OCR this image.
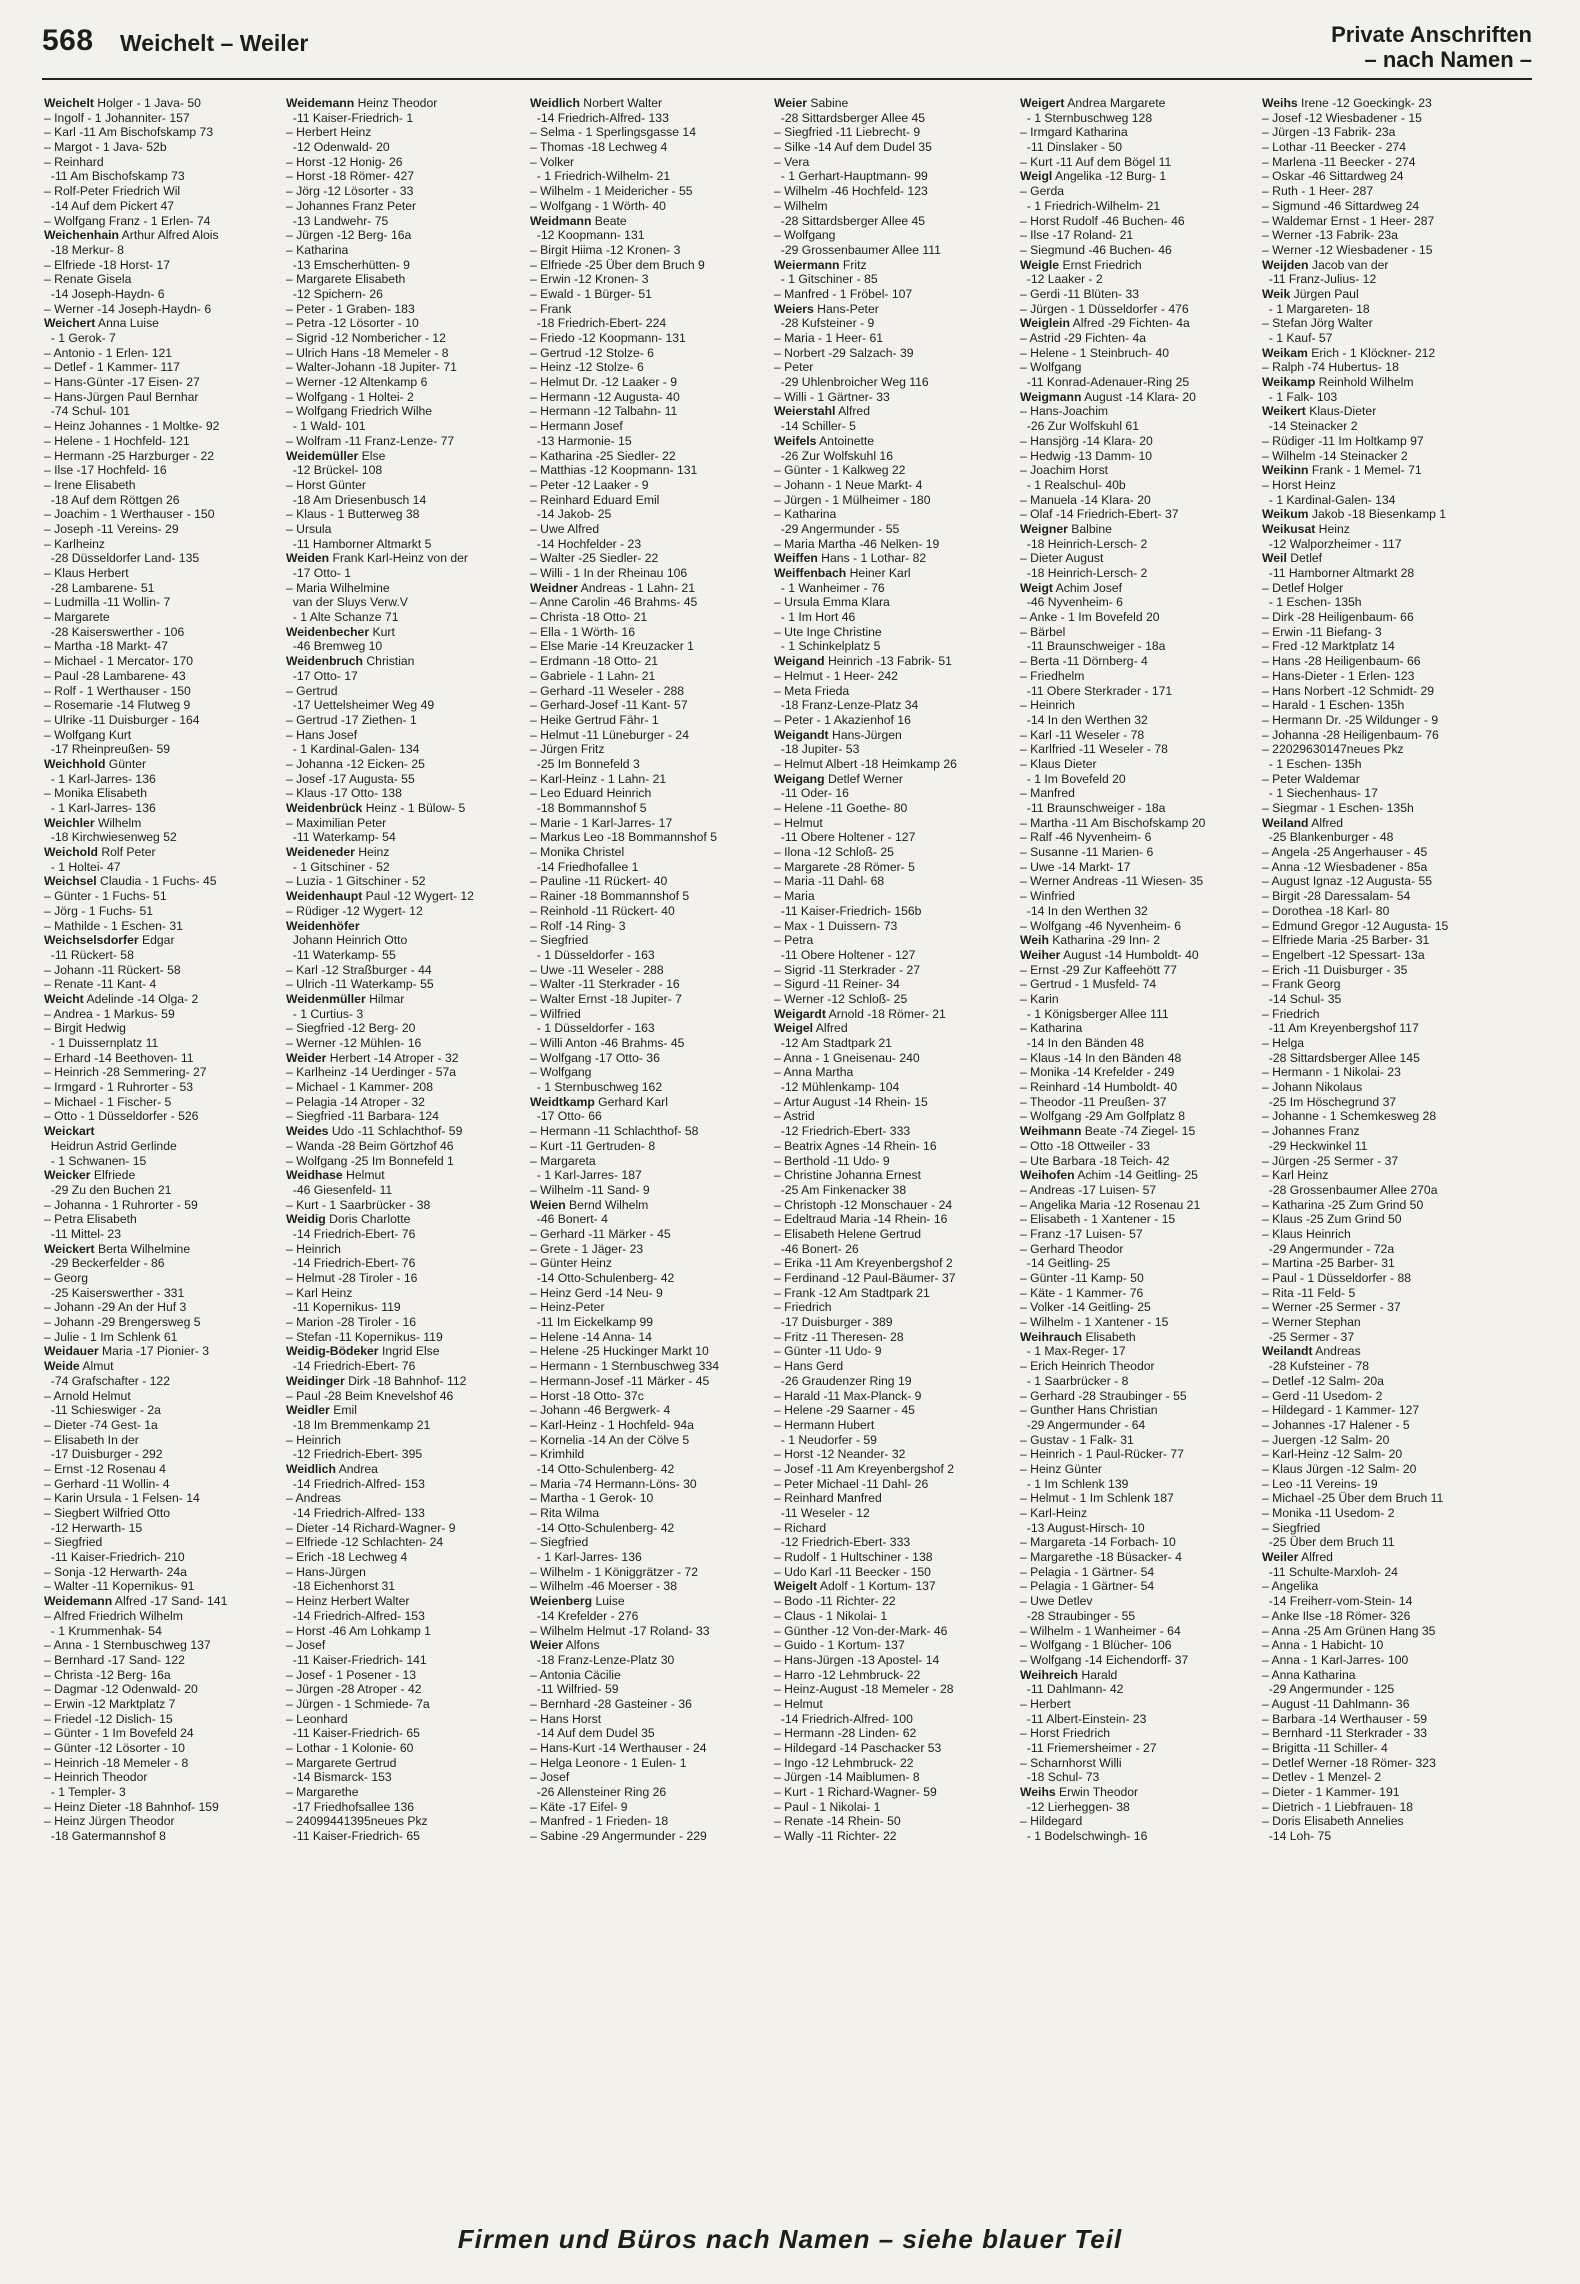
568 Weichelt – Weiler	Private Anschriften
– nach Namen –
Weichelt Holger - 1 Java- 50
– Ingolf - 1 Johanniter- 157
– Karl -11 Am Bischofskamp 73
– Margot - 1 Java- 52b
– Reinhard
-11 Am Bischofskamp 73
– Rolf-Peter Friedrich Wil
-14 Auf dem Pickert 47
– Wolfgang Franz - 1 Erlen- 74
Weichenhain Arthur Alfred Alois
-18 Merkur- 8
– Elfriede -18 Horst- 17
– Renate Gisela
-14 Joseph-Haydn- 6
– Werner -14 Joseph-Haydn- 6
Weichert Anna Luise
- 1 Gerok- 7
– Antonio - 1 Erlen- 121
– Detlef - 1 Kammer- 117
– Hans-Günter -17 Eisen- 27
– Hans-Jürgen Paul Bernhar
-74 Schul- 101
– Heinz Johannes - 1 Moltke- 92
– Helene - 1 Hochfeld- 121
– Hermann -25 Harzburger - 22
– Ilse -17 Hochfeld- 16
– Irene Elisabeth
-18 Auf dem Röttgen 26
– Joachim - 1 Werthauser - 150
– Joseph -11 Vereins- 29
– Karlheinz
-28 Düsseldorfer Land- 135
– Klaus Herbert
-28 Lambarene- 51
– Ludmilla -11 Wollin- 7
– Margarete
-28 Kaiserswerther - 106
– Martha -18 Markt- 47
– Michael - 1 Mercator- 170
– Paul -28 Lambarene- 43
– Rolf - 1 Werthauser - 150
– Rosemarie -14 Flutweg 9
– Ulrike -11 Duisburger - 164
– Wolfgang Kurt
-17 Rheinpreußen- 59
Weichhold Günter
- 1 Karl-Jarres- 136
– Monika Elisabeth
- 1 Karl-Jarres- 136
Weichler Wilhelm
-18 Kirchwiesenweg 52
Weichold Rolf Peter
- 1 Holtei- 47
Weichsel Claudia - 1 Fuchs- 45
– Günter - 1 Fuchs- 51
– Jörg - 1 Fuchs- 51
– Mathilde - 1 Eschen- 31
Weichselsdorfer Edgar
-11 Rückert- 58
– Johann -11 Rückert- 58
– Renate -11 Kant- 4
Weicht Adelinde -14 Olga- 2
– Andrea - 1 Markus- 59
– Birgit Hedwig
- 1 Duissernplatz 11
– Erhard -14 Beethoven- 11
– Heinrich -28 Semmering- 27
– Irmgard - 1 Ruhrorter - 53
– Michael - 1 Fischer- 5
– Otto - 1 Düsseldorfer - 526
Weickart
Heidrun Astrid Gerlinde
- 1 Schwanen- 15
Weicker Elfriede
-29 Zu den Buchen 21
– Johanna - 1 Ruhrorter - 59
– Petra Elisabeth
-11 Mittel- 23
Weickert Berta Wilhelmine
-29 Beckerfelder - 86
– Georg
-25 Kaiserswerther - 331
– Johann -29 An der Huf 3
– Johann -29 Brengersweg 5
– Julie - 1 Im Schlenk 61
Weidauer Maria -17 Pionier- 3
Weide Almut
-74 Grafschafter - 122
– Arnold Helmut
-11 Schieswiger - 2a
– Dieter -74 Gest- 1a
– Elisabeth In der
-17 Duisburger - 292
– Ernst -12 Rosenau 4
– Gerhard -11 Wollin- 4
– Karin Ursula - 1 Felsen- 14
– Siegbert Wilfried Otto
-12 Herwarth- 15
– Siegfried
-11 Kaiser-Friedrich- 210
– Sonja -12 Herwarth- 24a
– Walter -11 Kopernikus- 91
Weidemann Alfred -17 Sand- 141
– Alfred Friedrich Wilhelm
- 1 Krummenhak- 54
– Anna - 1 Sternbuschweg 137
– Bernhard -17 Sand- 122
– Christa -12 Berg- 16a
– Dagmar -12 Odenwald- 20
– Erwin -12 Marktplatz 7
– Friedel -12 Dislich- 15
– Günter - 1 Im Bovefeld 24
– Günter -12 Lösorter - 10
– Heinrich -18 Memeler - 8
– Heinrich Theodor
- 1 Templer- 3
– Heinz Dieter -18 Bahnhof- 159
– Heinz Jürgen Theodor
-18 Gatermannshof 8
Weidemann Heinz Theodor
-11 Kaiser-Friedrich- 1
– Herbert Heinz
-12 Odenwald- 20
– Horst -12 Honig- 26
– Horst -18 Römer- 427
– Jörg -12 Lösorter - 33
– Johannes Franz Peter
-13 Landwehr- 75
– Jürgen -12 Berg- 16a
– Katharina
-13 Emscherhütten- 9
– Margarete Elisabeth
-12 Spichern- 26
– Peter - 1 Graben- 183
– Petra -12 Lösorter - 10
– Sigrid -12 Nombericher - 12
– Ulrich Hans -18 Memeler - 8
– Walter-Johann -18 Jupiter- 71
– Werner -12 Altenkamp 6
– Wolfgang - 1 Holtei- 2
– Wolfgang Friedrich Wilhe
- 1 Wald- 101
– Wolfram -11 Franz-Lenze- 77
Weidemüller Else
-12 Brückel- 108
– Horst Günter
-18 Am Driesenbusch 14
– Klaus - 1 Butterweg 38
– Ursula
-11 Hamborner Altmarkt 5
Weiden Frank Karl-Heinz von der
-17 Otto- 1
– Maria Wilhelmine
van der Sluys Verw.V
- 1 Alte Schanze 71
Weidenbecher Kurt
-46 Bremweg 10
Weidenbruch Christian
-17 Otto- 17
– Gertrud
-17 Uettelsheimer Weg 49
– Gertrud -17 Ziethen- 1
– Hans Josef
- 1 Kardinal-Galen- 134
– Johanna -12 Eicken- 25
– Josef -17 Augusta- 55
– Klaus -17 Otto- 138
Weidenbrück Heinz - 1 Bülow- 5
– Maximilian Peter
-11 Waterkamp- 54
Weideneder Heinz
- 1 Gitschiner - 52
– Luzia - 1 Gitschiner - 52
Weidenhaupt Paul -12 Wygert- 12
– Rüdiger -12 Wygert- 12
Weidenhöfer
Johann Heinrich Otto
-11 Waterkamp- 55
– Karl -12 Straßburger - 44
– Ulrich -11 Waterkamp- 55
Weidenmüller Hilmar
- 1 Curtius- 3
– Siegfried -12 Berg- 20
– Werner -12 Mühlen- 16
Weider Herbert -14 Atroper - 32
– Karlheinz -14 Uerdinger - 57a
– Michael - 1 Kammer- 208
– Pelagia -14 Atroper - 32
– Siegfried -11 Barbara- 124
Weides Udo -11 Schlachthof- 59
– Wanda -28 Beim Görtzhof 46
– Wolfgang -25 Im Bonnefeld 1
Weidhase Helmut
-46 Giesenfeld- 11
– Kurt - 1 Saarbrücker - 38
Weidig Doris Charlotte
-14 Friedrich-Ebert- 76
– Heinrich
-14 Friedrich-Ebert- 76
– Helmut -28 Tiroler - 16
– Karl Heinz
-11 Kopernikus- 119
– Marion -28 Tiroler - 16
– Stefan -11 Kopernikus- 119
Weidig-Bödeker Ingrid Else
-14 Friedrich-Ebert- 76
Weidinger Dirk -18 Bahnhof- 112
– Paul -28 Beim Knevelshof 46
Weidler Emil
-18 Im Bremmenkamp 21
– Heinrich
-12 Friedrich-Ebert- 395
Weidlich Andrea
-14 Friedrich-Alfred- 153
– Andreas
-14 Friedrich-Alfred- 133
– Dieter -14 Richard-Wagner- 9
– Elfriede -12 Schlachten- 24
– Erich -18 Lechweg 4
– Hans-Jürgen
-18 Eichenhorst 31
– Heinz Herbert Walter
-14 Friedrich-Alfred- 153
– Horst -46 Am Lohkamp 1
– Josef
-11 Kaiser-Friedrich- 141
– Josef - 1 Posener - 13
– Jürgen -28 Atroper - 42
– Jürgen - 1 Schmiede- 7a
– Leonhard
-11 Kaiser-Friedrich- 65
– Lothar - 1 Kolonie- 60
– Margarete Gertrud
-14 Bismarck- 153
– Margarethe
-17 Friedhofsallee 136
– 24099441395neues Pkz
-11 Kaiser-Friedrich- 65
Weidlich Norbert Walter
-14 Friedrich-Alfred- 133
– Selma - 1 Sperlingsgasse 14
– Thomas -18 Lechweg 4
– Volker
- 1 Friedrich-Wilhelm- 21
– Wilhelm - 1 Meidericher - 55
– Wolfgang - 1 Wörth- 40
Weidmann Beate
-12 Koopmann- 131
– Birgit Hiima -12 Kronen- 3
– Elfriede -25 Über dem Bruch 9
– Erwin -12 Kronen- 3
– Ewald - 1 Bürger- 51
– Frank
-18 Friedrich-Ebert- 224
– Friedo -12 Koopmann- 131
– Gertrud -12 Stolze- 6
– Heinz -12 Stolze- 6
– Helmut Dr. -12 Laaker - 9
– Hermann -12 Augusta- 40
– Hermann -12 Talbahn- 11
– Hermann Josef
-13 Harmonie- 15
– Katharina -25 Siedler- 22
– Matthias -12 Koopmann- 131
– Peter -12 Laaker - 9
– Reinhard Eduard Emil
-14 Jakob- 25
– Uwe Alfred
-14 Hochfelder - 23
– Walter -25 Siedler- 22
– Willi - 1 In der Rheinau 106
Weidner Andreas - 1 Lahn- 21
– Anne Carolin -46 Brahms- 45
– Christa -18 Otto- 21
– Ella - 1 Wörth- 16
– Else Marie -14 Kreuzacker 1
– Erdmann -18 Otto- 21
– Gabriele - 1 Lahn- 21
– Gerhard -11 Weseler - 288
– Gerhard-Josef -11 Kant- 57
– Heike Gertrud Fähr- 1
– Helmut -11 Lüneburger - 24
– Jürgen Fritz
-25 Im Bonnefeld 3
– Karl-Heinz - 1 Lahn- 21
– Leo Eduard Heinrich
-18 Bommannshof 5
– Marie - 1 Karl-Jarres- 17
– Markus Leo -18 Bommannshof 5
– Monika Christel
-14 Friedhofallee 1
– Pauline -11 Rückert- 40
– Rainer -18 Bommannshof 5
– Reinhold -11 Rückert- 40
– Rolf -14 Ring- 3
– Siegfried
- 1 Düsseldorfer - 163
– Uwe -11 Weseler - 288
– Walter -11 Sterkrader - 16
– Walter Ernst -18 Jupiter- 7
– Wilfried
- 1 Düsseldorfer - 163
– Willi Anton -46 Brahms- 45
– Wolfgang -17 Otto- 36
– Wolfgang
- 1 Sternbuschweg 162
Weidtkamp Gerhard Karl
-17 Otto- 66
– Hermann -11 Schlachthof- 58
– Kurt -11 Gertruden- 8
– Margareta
- 1 Karl-Jarres- 187
– Wilhelm -11 Sand- 9
Weien Bernd Wilhelm
-46 Bonert- 4
– Gerhard -11 Märker - 45
– Grete - 1 Jäger- 23
– Günter Heinz
-14 Otto-Schulenberg- 42
– Heinz Gerd -14 Neu- 9
– Heinz-Peter
-11 Im Eickelkamp 99
– Helene -14 Anna- 14
– Helene -25 Huckinger Markt 10
– Hermann - 1 Sternbuschweg 334
– Hermann-Josef -11 Märker - 45
– Horst -18 Otto- 37c
– Johann -46 Bergwerk- 4
– Karl-Heinz - 1 Hochfeld- 94a
– Kornelia -14 An der Cölve 5
– Krimhild
-14 Otto-Schulenberg- 42
– Maria -74 Hermann-Löns- 30
– Martha - 1 Gerok- 10
– Rita Wilma
-14 Otto-Schulenberg- 42
– Siegfried
- 1 Karl-Jarres- 136
– Wilhelm - 1 Königgrätzer - 72
– Wilhelm -46 Moerser - 38
Weienberg Luise
-14 Krefelder - 276
– Wilhelm Helmut -17 Roland- 33
Weier Alfons
-18 Franz-Lenze-Platz 30
– Antonia Cäcilie
-11 Wilfried- 59
– Bernhard -28 Gasteiner - 36
– Hans Horst
-14 Auf dem Dudel 35
– Hans-Kurt -14 Werthauser - 24
– Helga Leonore - 1 Eulen- 1
– Josef
-26 Allensteiner Ring 26
– Käte -17 Eifel- 9
– Manfred - 1 Frieden- 18
– Sabine -29 Angermunder - 229
Weier Sabine
-28 Sittardsberger Allee 45
– Siegfried -11 Liebrecht- 9
– Silke -14 Auf dem Dudel 35
– Vera
- 1 Gerhart-Hauptmann- 99
– Wilhelm -46 Hochfeld- 123
– Wilhelm
-28 Sittardsberger Allee 45
– Wolfgang
-29 Grossenbaumer Allee 111
Weiermann Fritz
- 1 Gitschiner - 85
– Manfred - 1 Fröbel- 107
Weiers Hans-Peter
-28 Kufsteiner - 9
– Maria - 1 Heer- 61
– Norbert -29 Salzach- 39
– Peter
-29 Uhlenbroicher Weg 116
– Willi - 1 Gärtner- 33
Weierstahl Alfred
-14 Schiller- 5
Weifels Antoinette
-26 Zur Wolfskuhl 16
– Günter - 1 Kalkweg 22
– Johann - 1 Neue Markt- 4
– Jürgen - 1 Mülheimer - 180
– Katharina
-29 Angermunder - 55
– Maria Martha -46 Nelken- 19
Weiffen Hans - 1 Lothar- 82
Weiffenbach Heiner Karl
- 1 Wanheimer - 76
– Ursula Emma Klara
- 1 Im Hort 46
– Ute Inge Christine
- 1 Schinkelplatz 5
Weigand Heinrich -13 Fabrik- 51
– Helmut - 1 Heer- 242
– Meta Frieda
-18 Franz-Lenze-Platz 34
– Peter - 1 Akazienhof 16
Weigandt Hans-Jürgen
-18 Jupiter- 53
– Helmut Albert -18 Heimkamp 26
Weigang Detlef Werner
-11 Oder- 16
– Helene -11 Goethe- 80
– Helmut
-11 Obere Holtener - 127
– Ilona -12 Schloß- 25
– Margarete -28 Römer- 5
– Maria -11 Dahl- 68
– Maria
-11 Kaiser-Friedrich- 156b
– Max - 1 Duissern- 73
– Petra
-11 Obere Holtener - 127
– Sigrid -11 Sterkrader - 27
– Sigurd -11 Reiner- 34
– Werner -12 Schloß- 25
Weigardt Arnold -18 Römer- 21
Weigel Alfred
-12 Am Stadtpark 21
– Anna - 1 Gneisenau- 240
– Anna Martha
-12 Mühlenkamp- 104
– Artur August -14 Rhein- 15
– Astrid
-12 Friedrich-Ebert- 333
– Beatrix Agnes -14 Rhein- 16
– Berthold -11 Udo- 9
– Christine Johanna Ernest
-25 Am Finkenacker 38
– Christoph -12 Monschauer - 24
– Edeltraud Maria -14 Rhein- 16
– Elisabeth Helene Gertrud
-46 Bonert- 26
– Erika -11 Am Kreyenbergshof 2
– Ferdinand -12 Paul-Bäumer- 37
– Frank -12 Am Stadtpark 21
– Friedrich
-17 Duisburger - 389
– Fritz -11 Theresen- 28
– Günter -11 Udo- 9
– Hans Gerd
-26 Graudenzer Ring 19
– Harald -11 Max-Planck- 9
– Helene -29 Saarner - 45
– Hermann Hubert
- 1 Neudorfer - 59
– Horst -12 Neander- 32
– Josef -11 Am Kreyenbergshof 2
– Peter Michael -11 Dahl- 26
– Reinhard Manfred
-11 Weseler - 12
– Richard
-12 Friedrich-Ebert- 333
– Rudolf - 1 Hultschiner - 138
– Udo Karl -11 Beecker - 150
Weigelt Adolf - 1 Kortum- 137
– Bodo -11 Richter- 22
– Claus - 1 Nikolai- 1
– Günther -12 Von-der-Mark- 46
– Guido - 1 Kortum- 137
– Hans-Jürgen -13 Apostel- 14
– Harro -12 Lehmbruck- 22
– Heinz-August -18 Memeler - 28
– Helmut
-14 Friedrich-Alfred- 100
– Hermann -28 Linden- 62
– Hildegard -14 Paschacker 53
– Ingo -12 Lehmbruck- 22
– Jürgen -14 Maiblumen- 8
– Kurt - 1 Richard-Wagner- 59
– Paul - 1 Nikolai- 1
– Renate -14 Rhein- 50
– Wally -11 Richter- 22
Weigert Andrea Margarete
- 1 Sternbuschweg 128
– Irmgard Katharina
-11 Dinslaker - 50
– Kurt -11 Auf dem Bögel 11
Weigl Angelika -12 Burg- 1
– Gerda
- 1 Friedrich-Wilhelm- 21
– Horst Rudolf -46 Buchen- 46
– Ilse -17 Roland- 21
– Siegmund -46 Buchen- 46
Weigle Ernst Friedrich
-12 Laaker - 2
– Gerdi -11 Blüten- 33
– Jürgen - 1 Düsseldorfer - 476
Weiglein Alfred -29 Fichten- 4a
– Astrid -29 Fichten- 4a
– Helene - 1 Steinbruch- 40
– Wolfgang
-11 Konrad-Adenauer-Ring 25
Weigmann August -14 Klara- 20
– Hans-Joachim
-26 Zur Wolfskuhl 61
– Hansjörg -14 Klara- 20
– Hedwig -13 Damm- 10
– Joachim Horst
- 1 Realschul- 40b
– Manuela -14 Klara- 20
– Olaf -14 Friedrich-Ebert- 37
Weigner Balbine
-18 Heinrich-Lersch- 2
– Dieter August
-18 Heinrich-Lersch- 2
Weigt Achim Josef
-46 Nyvenheim- 6
– Anke - 1 Im Bovefeld 20
– Bärbel
-11 Braunschweiger - 18a
– Berta -11 Dörnberg- 4
– Friedhelm
-11 Obere Sterkrader - 171
– Heinrich
-14 In den Werthen 32
– Karl -11 Weseler - 78
– Karlfried -11 Weseler - 78
– Klaus Dieter
- 1 Im Bovefeld 20
– Manfred
-11 Braunschweiger - 18a
– Martha -11 Am Bischofskamp 20
– Ralf -46 Nyvenheim- 6
– Susanne -11 Marien- 6
– Uwe -14 Markt- 17
– Werner Andreas -11 Wiesen- 35
– Winfried
-14 In den Werthen 32
– Wolfgang -46 Nyvenheim- 6
Weih Katharina -29 Inn- 2
Weiher August -14 Humboldt- 40
– Ernst -29 Zur Kaffeehött 77
– Gertrud - 1 Musfeld- 74
– Karin
- 1 Königsberger Allee 111
– Katharina
-14 In den Bänden 48
– Klaus -14 In den Bänden 48
– Monika -14 Krefelder - 249
– Reinhard -14 Humboldt- 40
– Theodor -11 Preußen- 37
– Wolfgang -29 Am Golfplatz 8
Weihmann Beate -74 Ziegel- 15
– Otto -18 Ottweiler - 33
– Ute Barbara -18 Teich- 42
Weihofen Achim -14 Geitling- 25
– Andreas -17 Luisen- 57
– Angelika Maria -12 Rosenau 21
– Elisabeth - 1 Xantener - 15
– Franz -17 Luisen- 57
– Gerhard Theodor
-14 Geitling- 25
– Günter -11 Kamp- 50
– Käte - 1 Kammer- 76
– Volker -14 Geitling- 25
– Wilhelm - 1 Xantener - 15
Weihrauch Elisabeth
- 1 Max-Reger- 17
– Erich Heinrich Theodor
- 1 Saarbrücker - 8
– Gerhard -28 Straubinger - 55
– Gunther Hans Christian
-29 Angermunder - 64
– Gustav - 1 Falk- 31
– Heinrich - 1 Paul-Rücker- 77
– Heinz Günter
- 1 Im Schlenk 139
– Helmut - 1 Im Schlenk 187
– Karl-Heinz
-13 August-Hirsch- 10
– Margareta -14 Forbach- 10
– Margarethe -18 Büsacker- 4
– Pelagia - 1 Gärtner- 54
– Pelagia - 1 Gärtner- 54
– Uwe Detlev
-28 Straubinger - 55
– Wilhelm - 1 Wanheimer - 64
– Wolfgang - 1 Blücher- 106
– Wolfgang -14 Eichendorff- 37
Weihreich Harald
-11 Dahlmann- 42
– Herbert
-11 Albert-Einstein- 23
– Horst Friedrich
-11 Friemersheimer - 27
– Scharnhorst Willi
-18 Schul- 73
Weihs Erwin Theodor
-12 Lierheggen- 38
– Hildegard
- 1 Bodelschwingh- 16
Weihs Irene -12 Goeckingk- 23
– Josef -12 Wiesbadener - 15
– Jürgen -13 Fabrik- 23a
– Lothar -11 Beecker - 274
– Marlena -11 Beecker - 274
– Oskar -46 Sittardweg 24
– Ruth - 1 Heer- 287
– Sigmund -46 Sittardweg 24
– Waldemar Ernst - 1 Heer- 287
– Werner -13 Fabrik- 23a
– Werner -12 Wiesbadener - 15
Weijden Jacob van der
-11 Franz-Julius- 12
Weik Jürgen Paul
- 1 Margareten- 18
– Stefan Jörg Walter
- 1 Kauf- 57
Weikam Erich - 1 Klöckner- 212
– Ralph -74 Hubertus- 18
Weikamp Reinhold Wilhelm
- 1 Falk- 103
Weikert Klaus-Dieter
-14 Steinacker 2
– Rüdiger -11 Im Holtkamp 97
– Wilhelm -14 Steinacker 2
Weikinn Frank - 1 Memel- 71
– Horst Heinz
- 1 Kardinal-Galen- 134
Weikum Jakob -18 Biesenkamp 1
Weikusat Heinz
-12 Walporzheimer - 117
Weil Detlef
-11 Hamborner Altmarkt 28
– Detlef Holger
- 1 Eschen- 135h
– Dirk -28 Heiligenbaum- 66
– Erwin -11 Biefang- 3
– Fred -12 Marktplatz 14
– Hans -28 Heiligenbaum- 66
– Hans-Dieter - 1 Erlen- 123
– Hans Norbert -12 Schmidt- 29
– Harald - 1 Eschen- 135h
– Hermann Dr. -25 Wildunger - 9
– Johanna -28 Heiligenbaum- 76
– 22029630147neues Pkz
- 1 Eschen- 135h
– Peter Waldemar
- 1 Siechenhaus- 17
– Siegmar - 1 Eschen- 135h
Weiland Alfred
-25 Blankenburger - 48
– Angela -25 Angerhauser - 45
– Anna -12 Wiesbadener - 85a
– August Ignaz -12 Augusta- 55
– Birgit -28 Daressalam- 54
– Dorothea -18 Karl- 80
– Edmund Gregor -12 Augusta- 15
– Elfriede Maria -25 Barber- 31
– Engelbert -12 Spessart- 13a
– Erich -11 Duisburger - 35
– Frank Georg
-14 Schul- 35
– Friedrich
-11 Am Kreyenbergshof 117
– Helga
-28 Sittardsberger Allee 145
– Hermann - 1 Nikolai- 23
– Johann Nikolaus
-25 Im Höschegrund 37
– Johanne - 1 Schemkesweg 28
– Johannes Franz
-29 Heckwinkel 11
– Jürgen -25 Sermer - 37
– Karl Heinz
-28 Grossenbaumer Allee 270a
– Katharina -25 Zum Grind 50
– Klaus -25 Zum Grind 50
– Klaus Heinrich
-29 Angermunder - 72a
– Martina -25 Barber- 31
– Paul - 1 Düsseldorfer - 88
– Rita -11 Feld- 5
– Werner -25 Sermer - 37
– Werner Stephan
-25 Sermer - 37
Weilandt Andreas
-28 Kufsteiner - 78
– Detlef -12 Salm- 20a
– Gerd -11 Usedom- 2
– Hildegard - 1 Kammer- 127
– Johannes -17 Halener - 5
– Juergen -12 Salm- 20
– Karl-Heinz -12 Salm- 20
– Klaus Jürgen -12 Salm- 20
– Leo -11 Vereins- 19
– Michael -25 Über dem Bruch 11
– Monika -11 Usedom- 2
– Siegfried
-25 Über dem Bruch 11
Weiler Alfred
-11 Schulte-Marxloh- 24
– Angelika
-14 Freiherr-vom-Stein- 14
– Anke Ilse -18 Römer- 326
– Anna -25 Am Grünen Hang 35
– Anna - 1 Habicht- 10
– Anna - 1 Karl-Jarres- 100
– Anna Katharina
-29 Angermunder - 125
– August -11 Dahlmann- 36
– Barbara -14 Werthauser - 59
– Bernhard -11 Sterkrader - 33
– Brigitta -11 Schiller- 4
– Detlef Werner -18 Römer- 323
– Detlev - 1 Menzel- 2
– Dieter - 1 Kammer- 191
– Dietrich - 1 Liebfrauen- 18
– Doris Elisabeth Annelies
-14 Loh- 75
Firmen und Büros nach Namen – siehe blauer Teil
